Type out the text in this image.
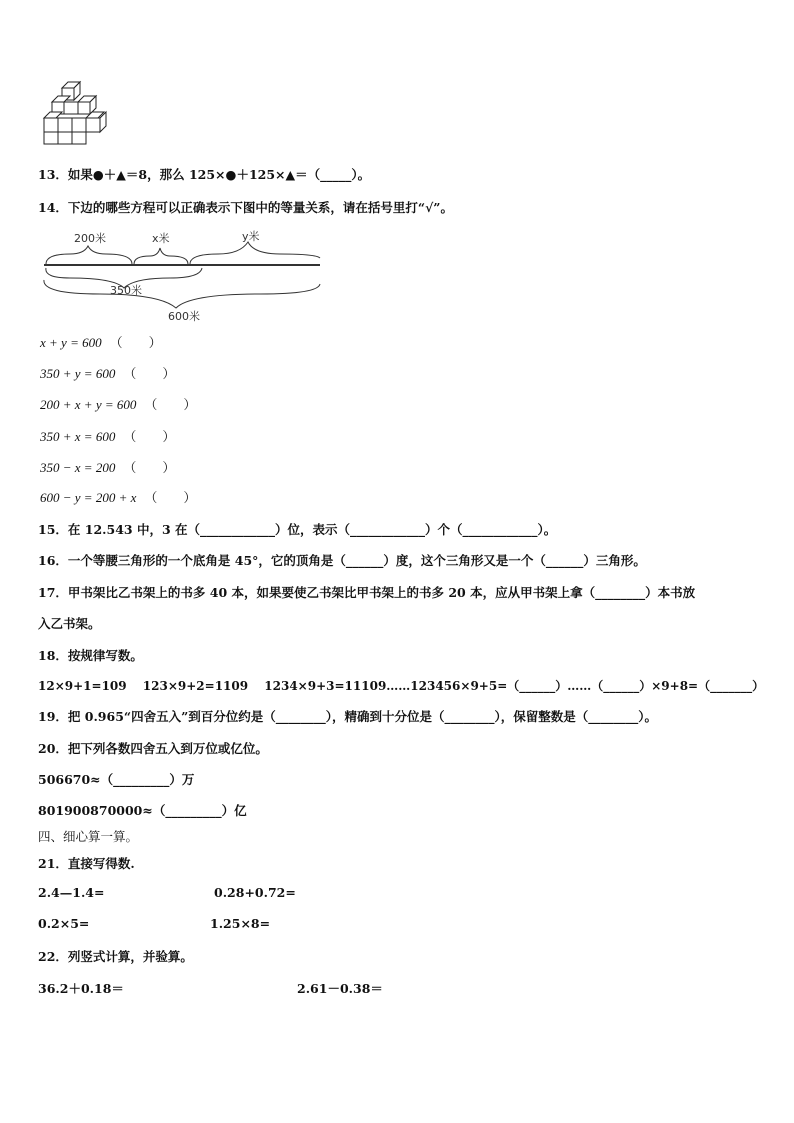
13．如果●＋▲＝8，那么 125×●＋125×▲＝（_____）。
14．下边的哪些方程可以正确表示下图中的等量关系，请在括号里打“√”。
200米	x米	y米
350米
600米
x + y = 600 （　　）
350 + y = 600 （　　）
200 + x + y = 600 （　　）
350 + x = 600 （　　）
350 − x = 200 （　　）
600 − y = 200 + x （　　）
15．在 12.543 中，3 在（____________）位，表示（____________）个（____________）。
16．一个等腰三角形的一个底角是 45°，它的顶角是（______）度，这个三角形又是一个（______）三角形。
17．甲书架比乙书架上的书多 40 本，如果要使乙书架比甲书架上的书多 20 本，应从甲书架上拿（________）本书放
入乙书架。
18．按规律写数。
12×9+1=109　 123×9+2=1109　 1234×9+3=11109……123456×9+5=（______）……（______）×9+8=（_______）
19．把 0.965“四舍五入”到百分位约是（________），精确到十分位是（________），保留整数是（________）。
20．把下列各数四舍五入到万位或亿位。
506670≈（_________）万
801900870000≈（_________）亿
四、细心算一算。
21．直接写得数.
2.4—1.4=	0.28+0.72=
0.2×5=	1.25×8=
22．列竖式计算，并验算。
36.2＋0.18＝	2.61－0.38＝
